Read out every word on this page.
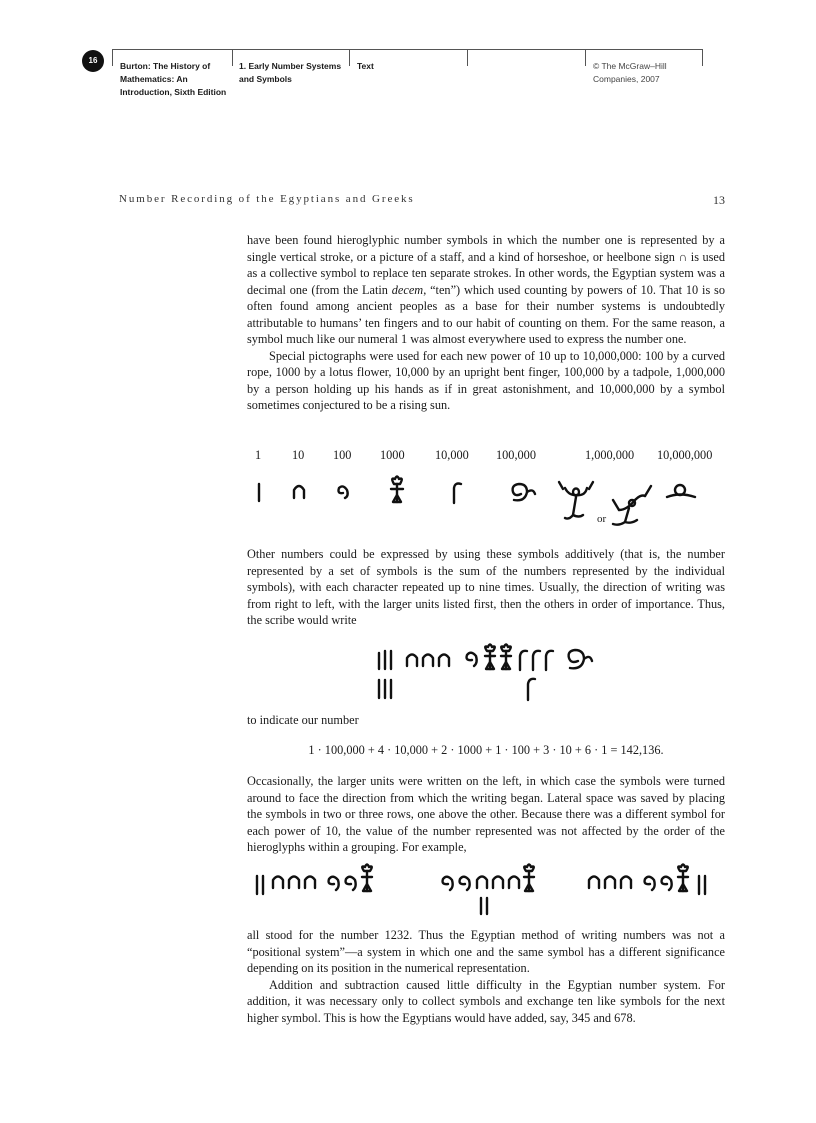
16
Burton: The History of
Mathematics: An
Introduction, Sixth Edition
1. Early Number Systems
and Symbols
Text	© The McGraw–Hill
Companies, 2007
Number Recording of the Egyptians and Greeks	13

have been found hieroglyphic number symbols in which the number one is represented by a single vertical stroke, or a picture of a staff, and a kind of horseshoe, or heelbone sign ∩ is used as a collective symbol to replace ten separate strokes. In other words, the Egyptian system was a decimal one (from the Latin decem, “ten”) which used counting by powers of 10. That 10 is so often found among ancient peoples as a base for their number systems is undoubtedly attributable to humans’ ten fingers and to our habit of counting on them. For the same reason, a symbol much like our numeral 1 was almost everywhere used to express the number one.

Special pictographs were used for each new power of 10 up to 10,000,000: 100 by a curved rope, 1000 by a lotus flower, 10,000 by an upright bent finger, 100,000 by a tadpole, 1,000,000 by a person holding up his hands as if in great astonishment, and 10,000,000 by a symbol sometimes conjectured to be a rising sun.

1	10 100 1000 10,000 100,000	1,000,000 10,000,000
or

Other numbers could be expressed by using these symbols additively (that is, the number represented by a set of symbols is the sum of the numbers represented by the individual symbols), with each character repeated up to nine times. Usually, the direction of writing was from right to left, with the larger units listed first, then the others in order of importance. Thus, the scribe would write

to indicate our number

1 · 100,000 + 4 · 10,000 + 2 · 1000 + 1 · 100 + 3 · 10 + 6 · 1 = 142,136.

Occasionally, the larger units were written on the left, in which case the symbols were turned around to face the direction from which the writing began. Lateral space was saved by placing the symbols in two or three rows, one above the other. Because there was a different symbol for each power of 10, the value of the number represented was not affected by the order of the hieroglyphs within a grouping. For example,

all stood for the number 1232. Thus the Egyptian method of writing numbers was not a “positional system”—a system in which one and the same symbol has a different significance depending on its position in the numerical representation.

Addition and subtraction caused little difficulty in the Egyptian number system. For addition, it was necessary only to collect symbols and exchange ten like symbols for the next higher symbol. This is how the Egyptians would have added, say, 345 and 678.
